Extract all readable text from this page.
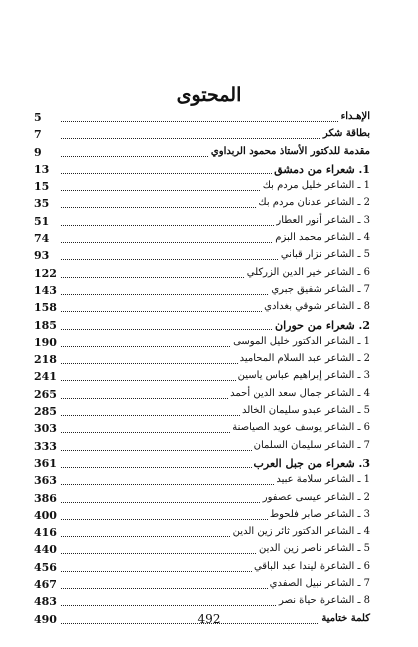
المحتوى
الإهـداء
5
بطاقة شكر
7
مقدمة للدكتور الأستاذ محمود الربداوي
9
1. شعراء من دمشق
13
1 ـ الشاعر خليل مردم بك
15
2 ـ الشاعر عدنان مردم بك
35
3 ـ الشاعر أنور العطار
51
4 ـ الشاعر محمد البزم
74
5 ـ الشاعر نزار قباني
93
6 ـ الشاعر خير الدين الزركلي
122
7 ـ الشاعر شفيق جبري
143
8 ـ الشاعر شوقي بغدادي
158
2. شعراء من حوران
185
1 ـ الشاعر الدكتور خليل الموسى
190
2 ـ الشاعر عبد السلام المحاميد
218
3 ـ الشاعر إبراهيم عباس ياسين
241
4 ـ الشاعر جمال سعد الدين أحمد
265
5 ـ الشاعر عبدو سليمان الخالد
285
6 ـ الشاعر يوسف عويد الصياصنة
303
7 ـ الشاعر سليمان السلمان
333
3. شعراء من جبل العرب
361
1 ـ الشاعر سلامة عبيد
363
2 ـ الشاعر عيسى عصفور
386
3 ـ الشاعر صابر فلحوط
400
4 ـ الشاعر الدكتور ثائر زين الدين
416
5 ـ الشاعر ناصر زين الدين
440
6 ـ الشاعرة ليندا عبد الباقي
456
7 ـ الشاعر نبيل الصفدي
467
8 ـ الشاعرة حياة نصر
483
كلمة ختامية
490	492
